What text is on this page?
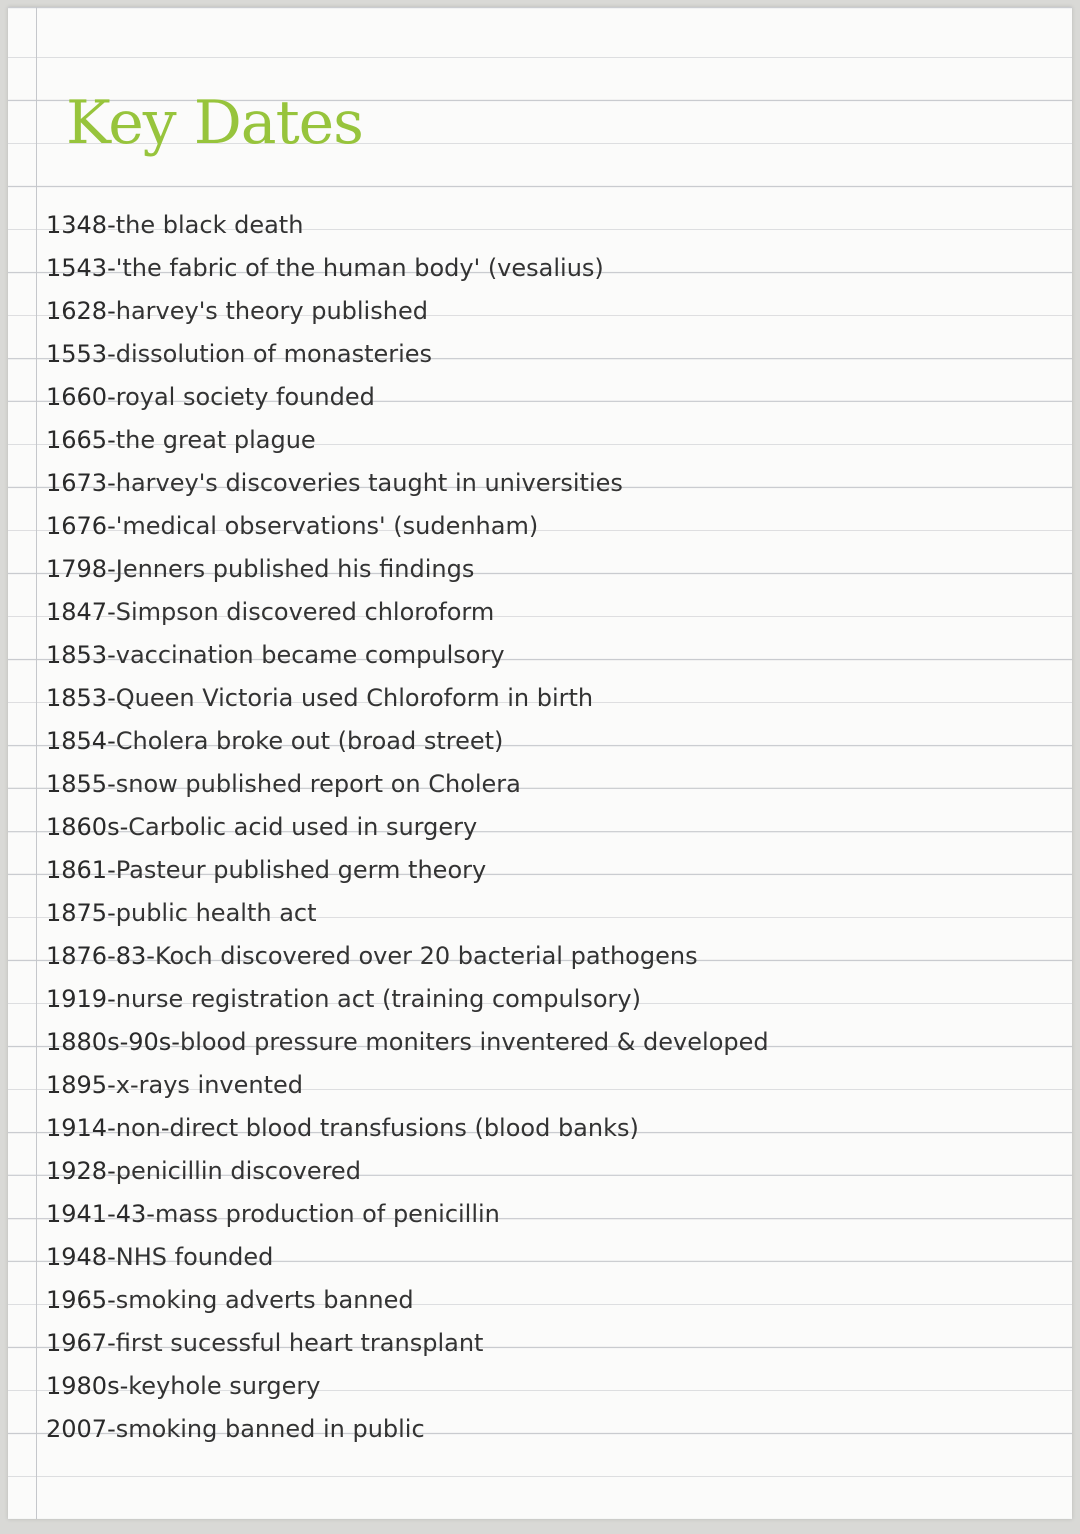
Key Dates
1348 - the black death
1543 - 'the fabric of the human body' (vesalius)
1628 - harvey's theory published
1553 - dissolution of monasteries
1660 - royal society founded
1665 - the great plague
1673 - harvey's discoveries taught in universities
1676 - 'medical observations' (sudenham)
1798 - Jenners published his findings
1847 - Simpson discovered chloroform
1853 - vaccination became compulsory
1853 - Queen Victoria used Chloroform in birth
1854 - Cholera broke out (broad street)
1855 - snow published report on Cholera
1860s - Carbolic acid used in surgery
1861 - Pasteur published germ theory
1875 - public health act
1876-83 - Koch discovered over 20 bacterial pathogens
1919 - nurse registration act (training compulsory)
1880s-90s - blood pressure moniters inventered & developed
1895 - x-rays invented
1914 - non-direct blood transfusions (blood banks)
1928 - penicillin discovered
1941-43 - mass production of penicillin
1948 - NHS founded
1965 - smoking adverts banned
1967 - first sucessful heart transplant
1980s - keyhole surgery
2007 - smoking banned in public
